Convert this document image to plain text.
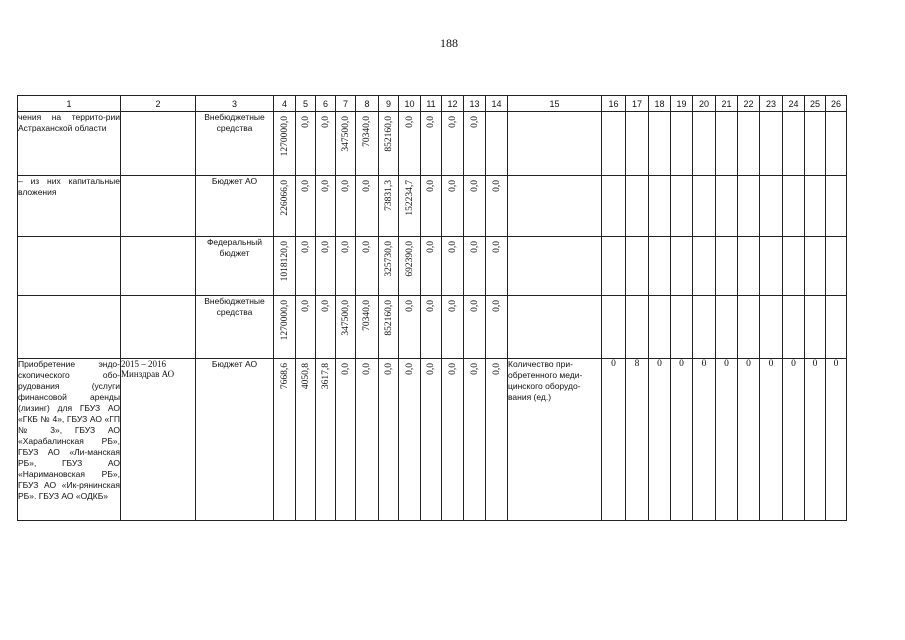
188
1	2	3	4	5	6	7	8	9	10	11	12	13	14	15	16	17	18	19	20	21	22	23	24	25	26
чения на террито-рии Астраханской области		Внебюджетные средства	1270000,0	0,0	0,0	347500,0	70340,0	852160,0	0,0	0,0	0,0	0,0													
– из них капитальные вложения		Бюджет АО	226066,0	0,0	0,0	0,0	0,0	73831,3	152234,7	0,0	0,0	0,0	0,0												
		Федеральный бюджет	1018120,0	0,0	0,0	0,0	0,0	325730,0	692390,0	0,0	0,0	0,0	0,0												
		Внебюджетные средства	1270000,0	0,0	0,0	347500,0	70340,0	852160,0	0,0	0,0	0,0	0,0	0,0												
Приобретение эндо-скопического обо-рудования (услуги финансовой аренды (лизинг) для ГБУЗ АО «ГКБ № 4», ГБУЗ АО «ГП № 3», ГБУЗ АО «Харабалинская РБ», ГБУЗ АО «Ли-манская РБ», ГБУЗ АО «Наримановская РБ», ГБУЗ АО «Ик-рянинская РБ». ГБУЗ АО «ОДКБ»	2015 – 2016 Минздрав АО	Бюджет АО	7668,6	4050,8	3617,8	0,0	0,0	0,0	0,0	0,0	0,0	0,0	0,0	Количество при-обретенного меди-цинского оборудо-вания (ед.)	0	8	0	0	0	0	0	0	0	0	0
